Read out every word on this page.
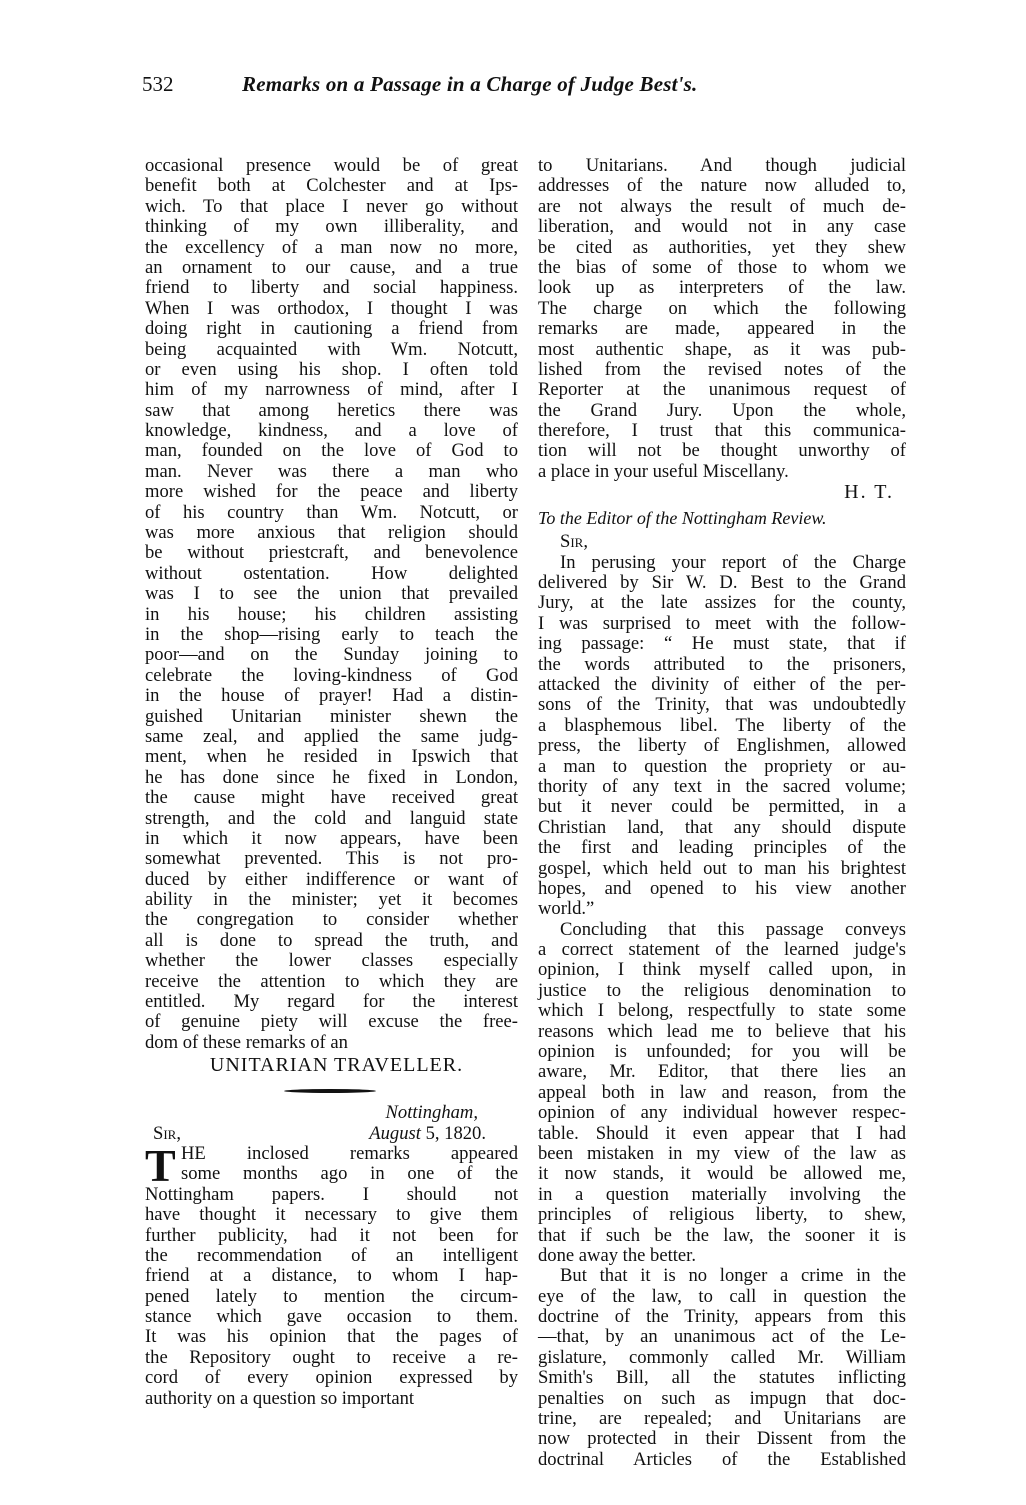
532	Remarks on a Passage in a Charge of Judge Best's.
occasional presence would be of great
benefit both at Colchester and at Ips-
wich. To that place I never go without
thinking of my own illiberality, and
the excellency of a man now no more,
an ornament to our cause, and a true
friend to liberty and social happiness.
When I was orthodox, I thought I was
doing right in cautioning a friend from
being acquainted with Wm. Notcutt,
or even using his shop. I often told
him of my narrowness of mind, after I
saw that among heretics there was
knowledge, kindness, and a love of
man, founded on the love of God to
man. Never was there a man who
more wished for the peace and liberty
of his country than Wm. Notcutt, or
was more anxious that religion should
be without priestcraft, and benevolence
without ostentation. How delighted
was I to see the union that prevailed
in his house; his children assisting
in the shop—rising early to teach the
poor—and on the Sunday joining to
celebrate the loving-kindness of God
in the house of prayer! Had a distin-
guished Unitarian minister shewn the
same zeal, and applied the same judg-
ment, when he resided in Ipswich that
he has done since he fixed in London,
the cause might have received great
strength, and the cold and languid state
in which it now appears, have been
somewhat prevented. This is not pro-
duced by either indifference or want of
ability in the minister; yet it becomes
the congregation to consider whether
all is done to spread the truth, and
whether the lower classes especially
receive the attention to which they are
entitled. My regard for the interest
of genuine piety will excuse the free-
dom of these remarks of an
UNITARIAN TRAVELLER.
Nottingham,
Sir,	August 5, 1820.
T HE inclosed remarks appeared
some months ago in one of the
Nottingham papers. I should not
have thought it necessary to give them
further publicity, had it not been for
the recommendation of an intelligent
friend at a distance, to whom I hap-
pened lately to mention the circum-
stance which gave occasion to them.
It was his opinion that the pages of
the Repository ought to receive a re-
cord of every opinion expressed by
authority on a question so important
to Unitarians. And though judicial
addresses of the nature now alluded to,
are not always the result of much de-
liberation, and would not in any case
be cited as authorities, yet they shew
the bias of some of those to whom we
look up as interpreters of the law.
The charge on which the following
remarks are made, appeared in the
most authentic shape, as it was pub-
lished from the revised notes of the
Reporter at the unanimous request of
the Grand Jury. Upon the whole,
therefore, I trust that this communica-
tion will not be thought unworthy of
a place in your useful Miscellany.
H. T.
To the Editor of the Nottingham Review.
Sir,
In perusing your report of the Charge
delivered by Sir W. D. Best to the Grand
Jury, at the late assizes for the county,
I was surprised to meet with the follow-
ing passage: “ He must state, that if
the words attributed to the prisoners,
attacked the divinity of either of the per-
sons of the Trinity, that was undoubtedly
a blasphemous libel. The liberty of the
press, the liberty of Englishmen, allowed
a man to question the propriety or au-
thority of any text in the sacred volume;
but it never could be permitted, in a
Christian land, that any should dispute
the first and leading principles of the
gospel, which held out to man his brightest
hopes, and opened to his view another
world.”
Concluding that this passage conveys
a correct statement of the learned judge's
opinion, I think myself called upon, in
justice to the religious denomination to
which I belong, respectfully to state some
reasons which lead me to believe that his
opinion is unfounded; for you will be
aware, Mr. Editor, that there lies an
appeal both in law and reason, from the
opinion of any individual however respec-
table. Should it even appear that I had
been mistaken in my view of the law as
it now stands, it would be allowed me,
in a question materially involving the
principles of religious liberty, to shew,
that if such be the law, the sooner it is
done away the better.
But that it is no longer a crime in the
eye of the law, to call in question the
doctrine of the Trinity, appears from this
—that, by an unanimous act of the Le-
gislature, commonly called Mr. William
Smith's Bill, all the statutes inflicting
penalties on such as impugn that doc-
trine, are repealed; and Unitarians are
now protected in their Dissent from the
doctrinal Articles of the Established
